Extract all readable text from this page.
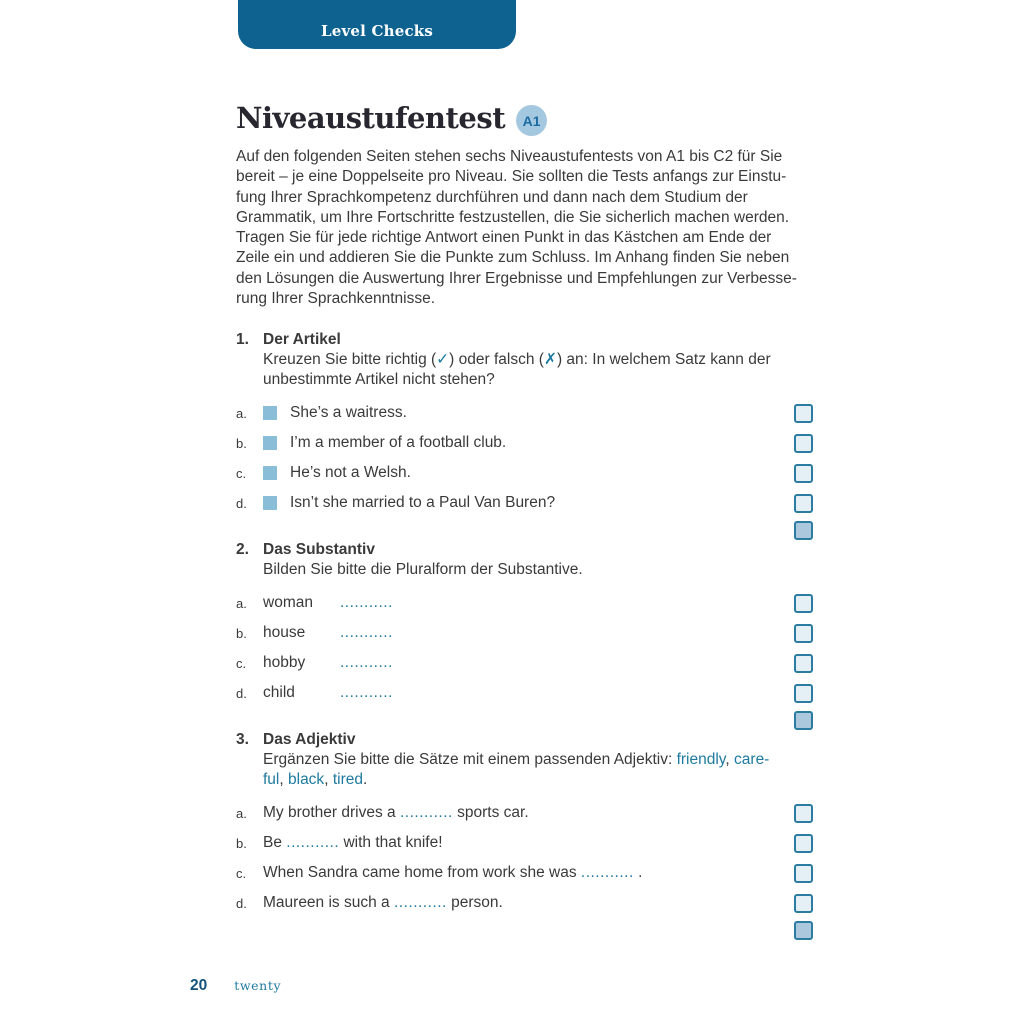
Level Checks
Niveaustufentest	A1
Auf den folgenden Seiten stehen sechs Niveaustufentests von A1 bis C2 für Sie
bereit – je eine Doppelseite pro Niveau. Sie sollten die Tests anfangs zur Einstu-
fung Ihrer Sprachkompetenz durchführen und dann nach dem Studium der
Grammatik, um Ihre Fortschritte festzustellen, die Sie sicherlich machen werden.
Tragen Sie für jede richtige Antwort einen Punkt in das Kästchen am Ende der
Zeile ein und addieren Sie die Punkte zum Schluss. Im Anhang finden Sie neben
den Lösungen die Auswertung Ihrer Ergebnisse und Empfehlungen zur Verbesse-
rung Ihrer Sprachkenntnisse.
1. Der Artikel
Kreuzen Sie bitte richtig (✓) oder falsch (✗) an: In welchem Satz kann der
unbestimmte Artikel nicht stehen?
a.	She’s a waitress.
b.	I’m a member of a football club.
c.	He’s not a Welsh.
d.	Isn’t she married to a Paul Van Buren?
2. Das Substantiv
Bilden Sie bitte die Pluralform der Substantive.
a.	woman	...........
b.	house	...........
c.	hobby	...........
d.	child	...........
3. Das Adjektiv
Ergänzen Sie bitte die Sätze mit einem passenden Adjektiv: friendly, care-
ful, black, tired.
a.	My brother drives a ........... sports car.
b.	Be ........... with that knife!
c.	When Sandra came home from work she was ........... .
d.	Maureen is such a ........... person.
20 twenty
